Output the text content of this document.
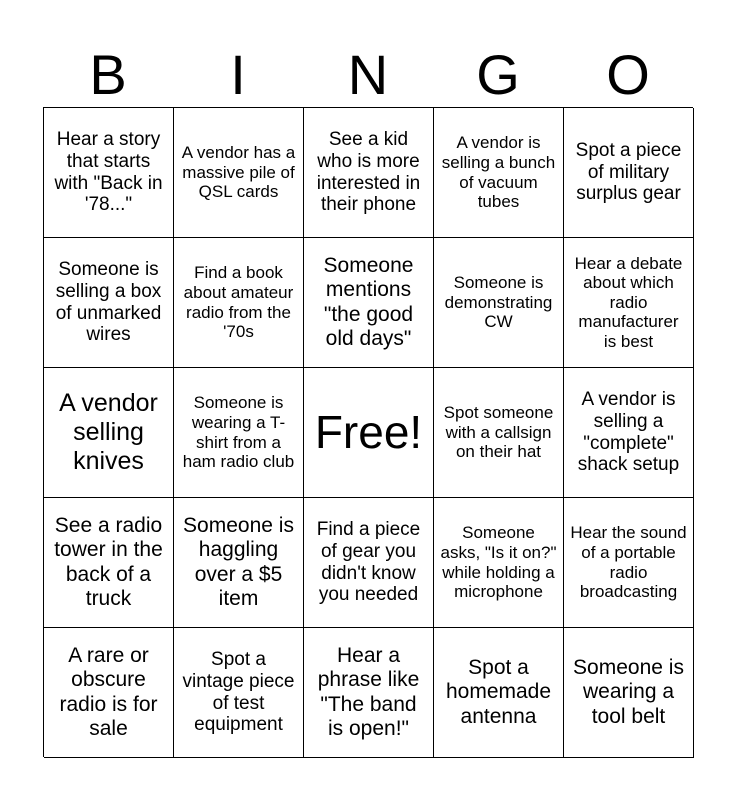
B	I	N	G	O
Hear a story that starts with "Back in '78..."
A vendor has a massive pile of QSL cards
See a kid who is more interested in their phone
A vendor is selling a bunch of vacuum tubes
Spot a piece of military surplus gear
Someone is selling a box of unmarked wires
Find a book about amateur radio from the '70s
Someone mentions "the good old days"
Someone is demonstrating CW
Hear a debate about which radio manufacturer is best
A vendor selling knives
Someone is wearing a T-shirt from a ham radio club
Free! Spot someone with a callsign on their hat
A vendor is selling a "complete" shack setup
See a radio tower in the back of a truck
Someone is haggling over a $5 item
Find a piece of gear you didn't know you needed
Someone asks, "Is it on?" while holding a microphone
Hear the sound of a portable radio broadcasting
A rare or obscure radio is for sale
Spot a vintage piece of test equipment
Hear a phrase like "The band is open!"
Spot a homemade antenna
Someone is wearing a tool belt
